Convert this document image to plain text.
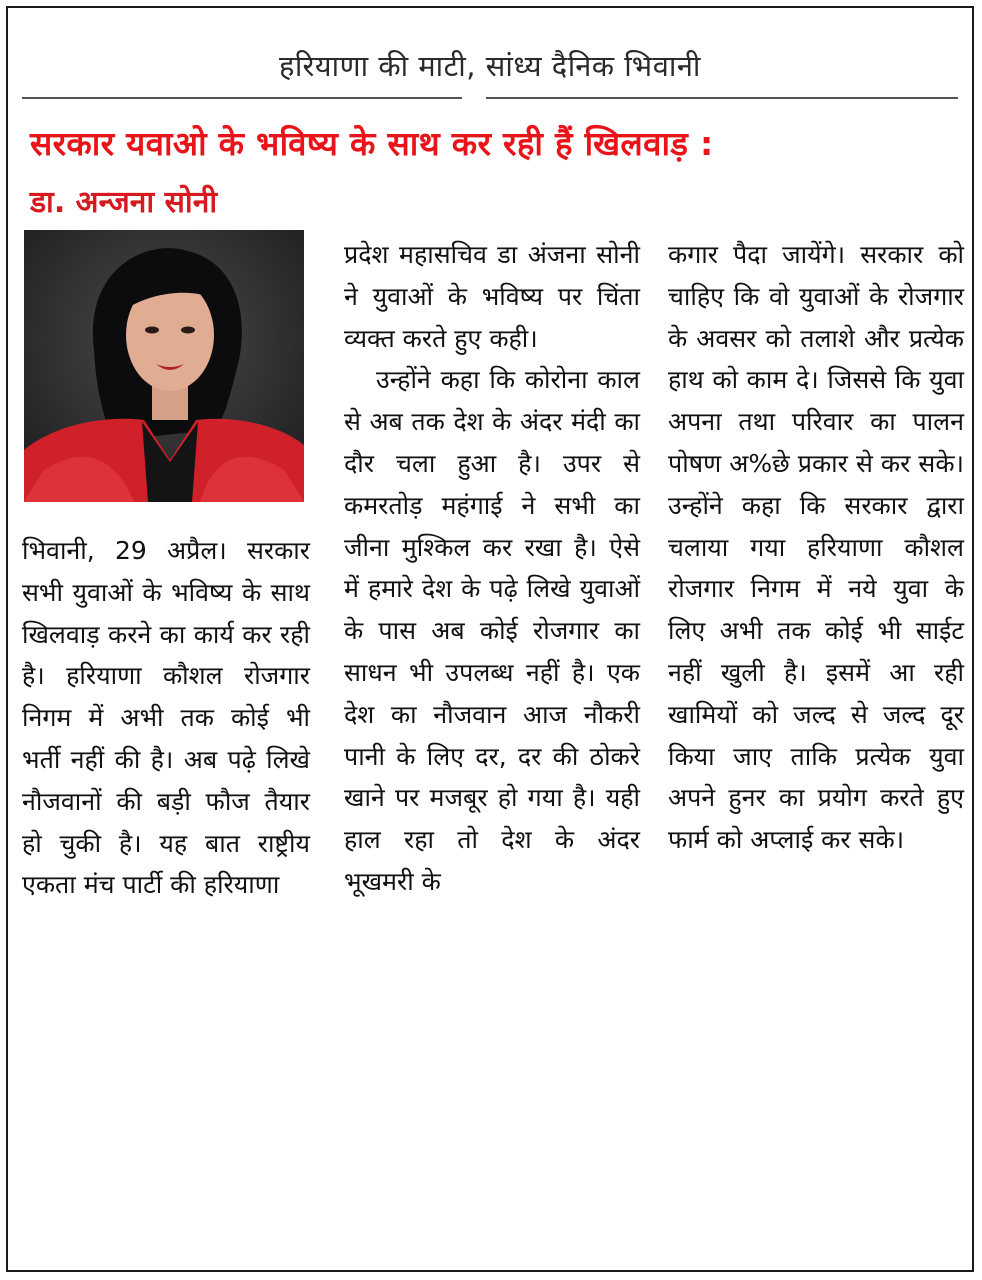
हरियाणा की माटी, सांध्य दैनिक भिवानी
सरकार यवाओ के भविष्य के साथ कर रही हैं खिलवाड़ :
डा. अन्जना सोनी

भिवानी, 29 अप्रैल। सरकार सभी युवाओं के भविष्य के साथ खिलवाड़ करने का कार्य कर रही है। हरियाणा कौशल रोजगार निगम में अभी तक कोई भी भर्ती नहीं की है। अब पढ़े लिखे नौजवानों की बड़ी फौज तैयार हो चुकी है। यह बात राष्ट्रीय एकता मंच पार्टी की हरियाणा

प्रदेश महासचिव डा अंजना सोनी ने युवाओं के भविष्य पर चिंता व्यक्त करते हुए कही।

उन्होंने कहा कि कोरोना काल से अब तक देश के अंदर मंदी का दौर चला हुआ है। उपर से कमरतोड़ महंगाई ने सभी का जीना मुश्किल कर रखा है। ऐसे में हमारे देश के पढ़े लिखे युवाओं के पास अब कोई रोजगार का साधन भी उपलब्ध नहीं है। एक देश का नौजवान आज नौकरी पानी के लिए दर, दर की ठोकरे खाने पर मजबूर हो गया है। यही हाल रहा तो देश के अंदर भूखमरी के

कगार पैदा जायेंगे। सरकार को चाहिए कि वो युवाओं के रोजगार के अवसर को तलाशे और प्रत्येक हाथ को काम दे। जिससे कि युवा अपना तथा परिवार का पालन पोषण अ%छे प्रकार से कर सके। उन्होंने कहा कि सरकार द्वारा चलाया गया हरियाणा कौशल रोजगार निगम में नये युवा के लिए अभी तक कोई भी साईट नहीं खुली है। इसमें आ रही खामियों को जल्द से जल्द दूर किया जाए ताकि प्रत्येक युवा अपने हुनर का प्रयोग करते हुए फार्म को अप्लाई कर सके।
